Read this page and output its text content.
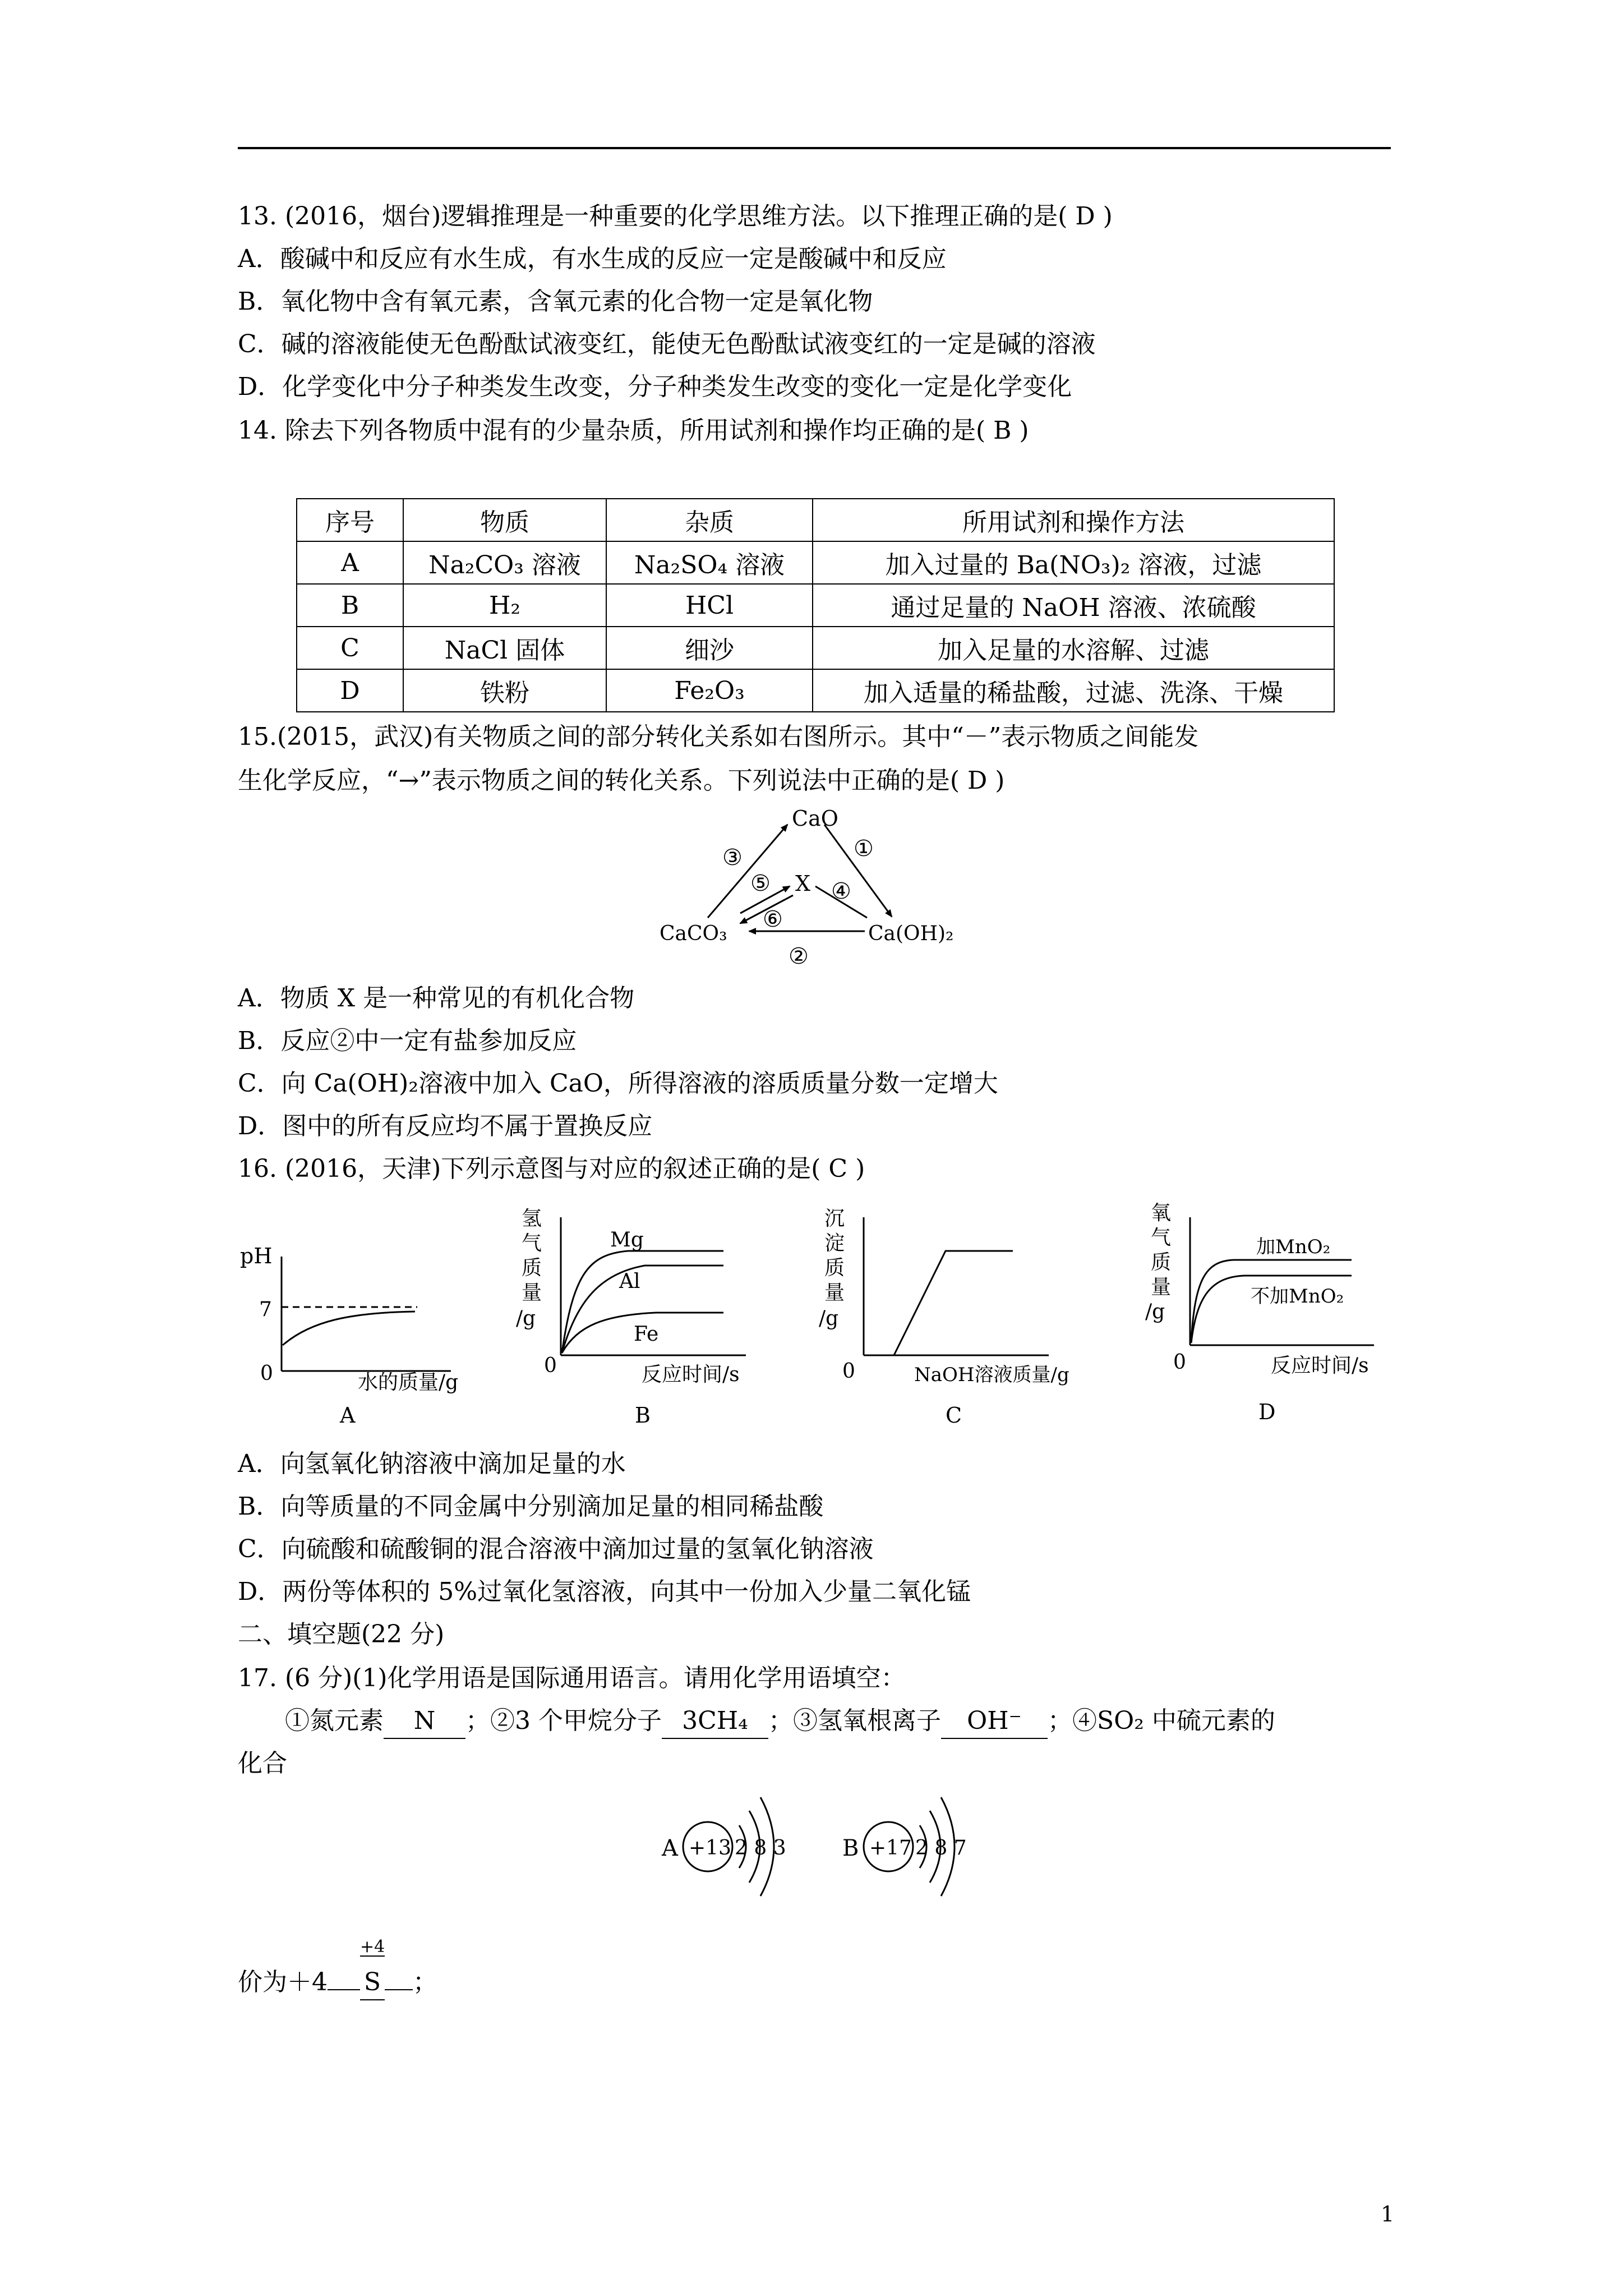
13. (2016，烟台)逻辑推理是一种重要的化学思维方法。以下推理正确的是( D )
A．酸碱中和反应有水生成，有水生成的反应一定是酸碱中和反应
B．氧化物中含有氧元素，含氧元素的化合物一定是氧化物
C．碱的溶液能使无色酚酞试液变红，能使无色酚酞试液变红的一定是碱的溶液
D．化学变化中分子种类发生改变，分子种类发生改变的变化一定是化学变化
14. 除去下列各物质中混有的少量杂质，所用试剂和操作均正确的是( B )
序号	物质	杂质	所用试剂和操作方法
A	Na₂CO₃ 溶液	Na₂SO₄ 溶液	加入过量的 Ba(NO₃)₂ 溶液，过滤
B	H₂	HCl	通过足量的 NaOH 溶液、浓硫酸
C	NaCl 固体	细沙	加入足量的水溶解、过滤
D	铁粉	Fe₂O₃	加入适量的稀盐酸，过滤、洗涤、干燥
15.(2015，武汉)有关物质之间的部分转化关系如右图所示。其中“－”表示物质之间能发
生化学反应，“→”表示物质之间的转化关系。下列说法中正确的是( D )
CaO
X
CaCO₃	Ca(OH)₂
③	①
⑤	④
⑥
②
A．物质 X 是一种常见的有机化合物
B．反应②中一定有盐参加反应
C．向 Ca(OH)₂溶液中加入 CaO，所得溶液的溶质质量分数一定增大
D．图中的所有反应均不属于置换反应
16. (2016，天津)下列示意图与对应的叙述正确的是( C )
pH
7
0	水的质量/g
A
氢
气
质
量
/g
Mg
Al
Fe
0	反应时间/s
B
沉
淀
质
量
/g
0	NaOH溶液质量/g
C
氧
气
质
量
/g
加MnO₂
不加MnO₂
0	反应时间/s
D
A．向氢氧化钠溶液中滴加足量的水
B．向等质量的不同金属中分别滴加足量的相同稀盐酸
C．向硫酸和硫酸铜的混合溶液中滴加过量的氢氧化钠溶液
D．两份等体积的 5%过氧化氢溶液，向其中一份加入少量二氧化锰
二、填空题(22 分)
17. (6 分)(1)化学用语是国际通用语言。请用化学用语填空：
①氮元素 N ；②3 个甲烷分子 3CH₄ ；③氢氧根离子 OH⁻ ；④SO₂ 中硫元素的
化合
A +13 2 8 3	B +17 2 8 7
价为＋4
+4
S ；
1
